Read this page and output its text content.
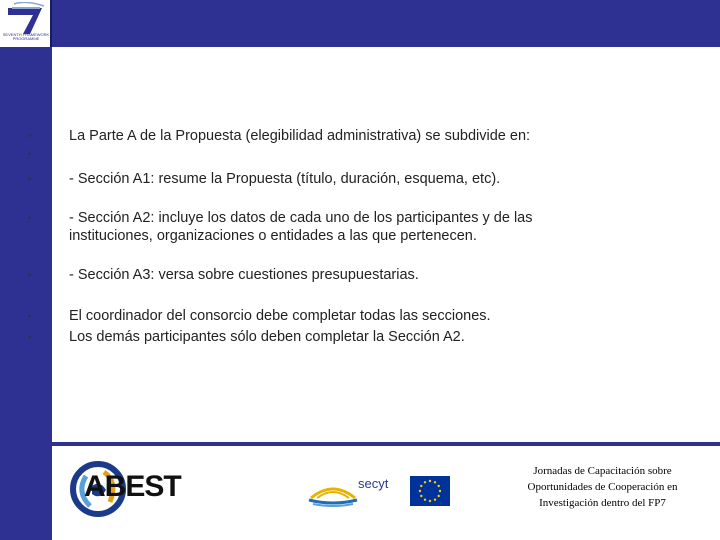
SEVENTH FRAMEWORK PROGRAMME
•	La Parte A de la Propuesta (elegibilidad administrativa) se subdivide en:
•
•	- Sección A1: resume la Propuesta (título, duración, esquema, etc).
•	- Sección A2: incluye los datos de cada uno de los participantes y de las
instituciones, organizaciones o entidades a las que pertenecen.
•	- Sección A3: versa sobre cuestiones presupuestarias.
•	El coordinador del consorcio debe completar todas las secciones.
•	Los demás participantes sólo deben completar la Sección A2.
ABEST	secyt
Jornadas de Capacitación sobre
Oportunidades de Cooperación en
Investigación dentro del FP7
